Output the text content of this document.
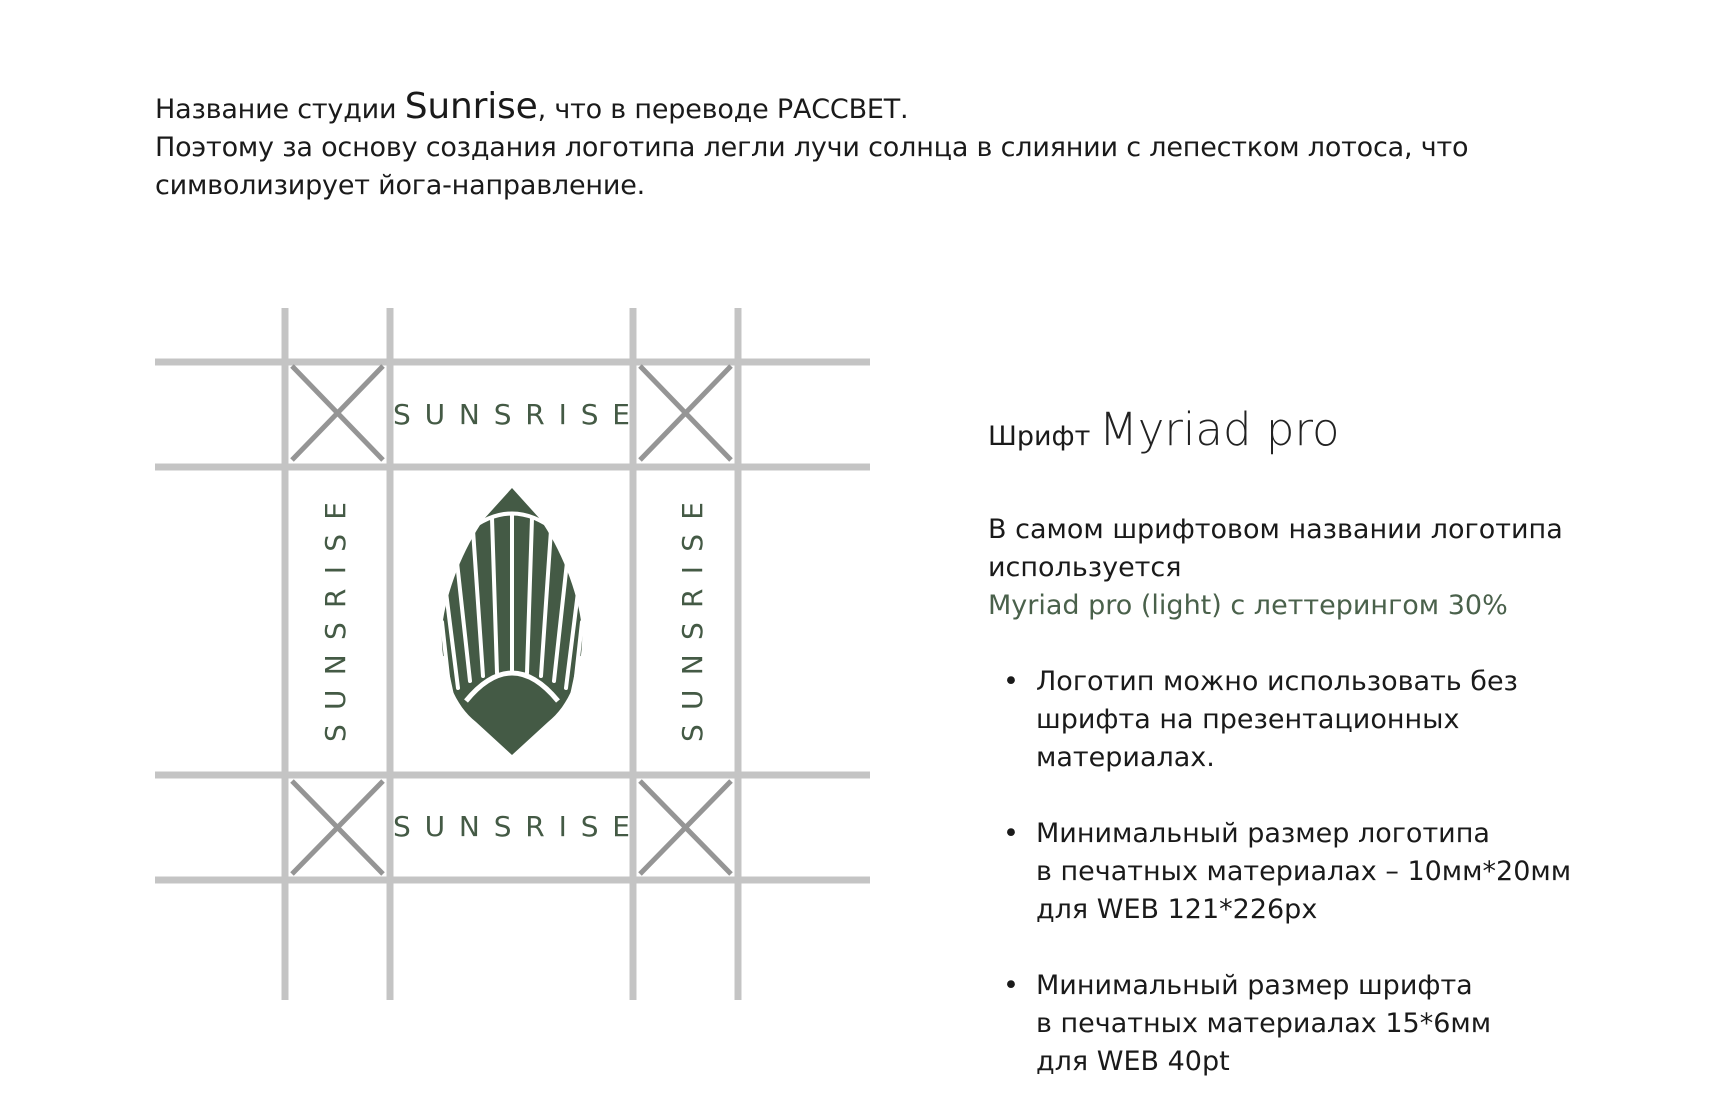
Название студии Sunrise, что в переводе РАССВЕТ.

Поэтому за основу создания логотипа легли лучи солнца в слиянии с лепестком лотоса, что символизирует йога-направление.

SUNSRISE
SUNSRISE
SUNSRISE
SUNSRISE
Шрифт Myriad pro
В самом шрифтовом названии логотипа
используется
Myriad pro (light) с леттерингом 30%
• Логотип можно использовать без
шрифта на презентационных
материалах.
• Минимальный размер логотипа
в печатных материалах – 10мм*20мм
для WEB 121*226px
• Минимальный размер шрифта
в печатных материалах 15*6мм
для WEB 40pt
